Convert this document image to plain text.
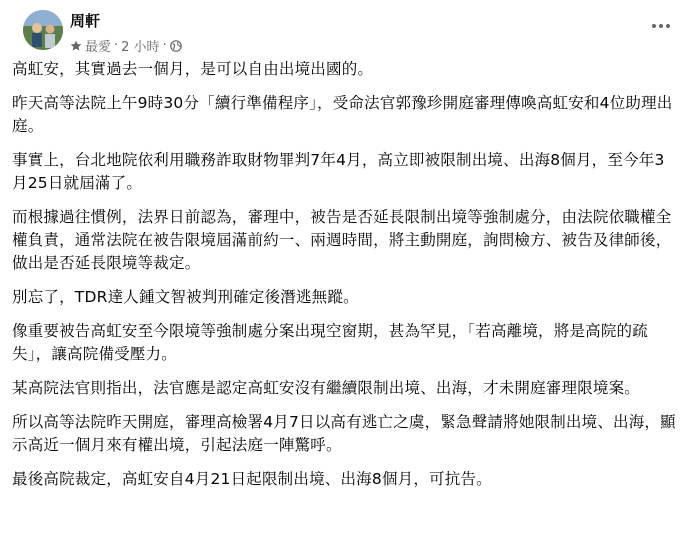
周軒
最愛 · 2 小時 ·

高虹安，其實過去一個月，是可以自由出境出國的。

昨天高等法院上午9時30分「續行準備程序」，受命法官郭豫珍開庭審理傳喚高虹安和4位助理出庭。

事實上，台北地院依利用職務詐取財物罪判7年4月，高立即被限制出境、出海8個月，至今年3月25日就屆滿了。

而根據過往慣例，法界日前認為，審理中，被告是否延長限制出境等強制處分，由法院依職權全權負責，通常法院在被告限境屆滿前約一、兩週時間，將主動開庭，詢問檢方、被告及律師後，做出是否延長限境等裁定。

別忘了，TDR達人鍾文智被判刑確定後潛逃無蹤。

像重要被告高虹安至今限境等強制處分案出現空窗期，甚為罕見，「若高離境，將是高院的疏失」，讓高院備受壓力。

某高院法官則指出，法官應是認定高虹安沒有繼續限制出境、出海，才未開庭審理限境案。

所以高等法院昨天開庭，審理高檢署4月7日以高有逃亡之虞，緊急聲請將她限制出境、出海，顯示高近一個月來有權出境，引起法庭一陣驚呼。

最後高院裁定，高虹安自4月21日起限制出境、出海8個月，可抗告。
